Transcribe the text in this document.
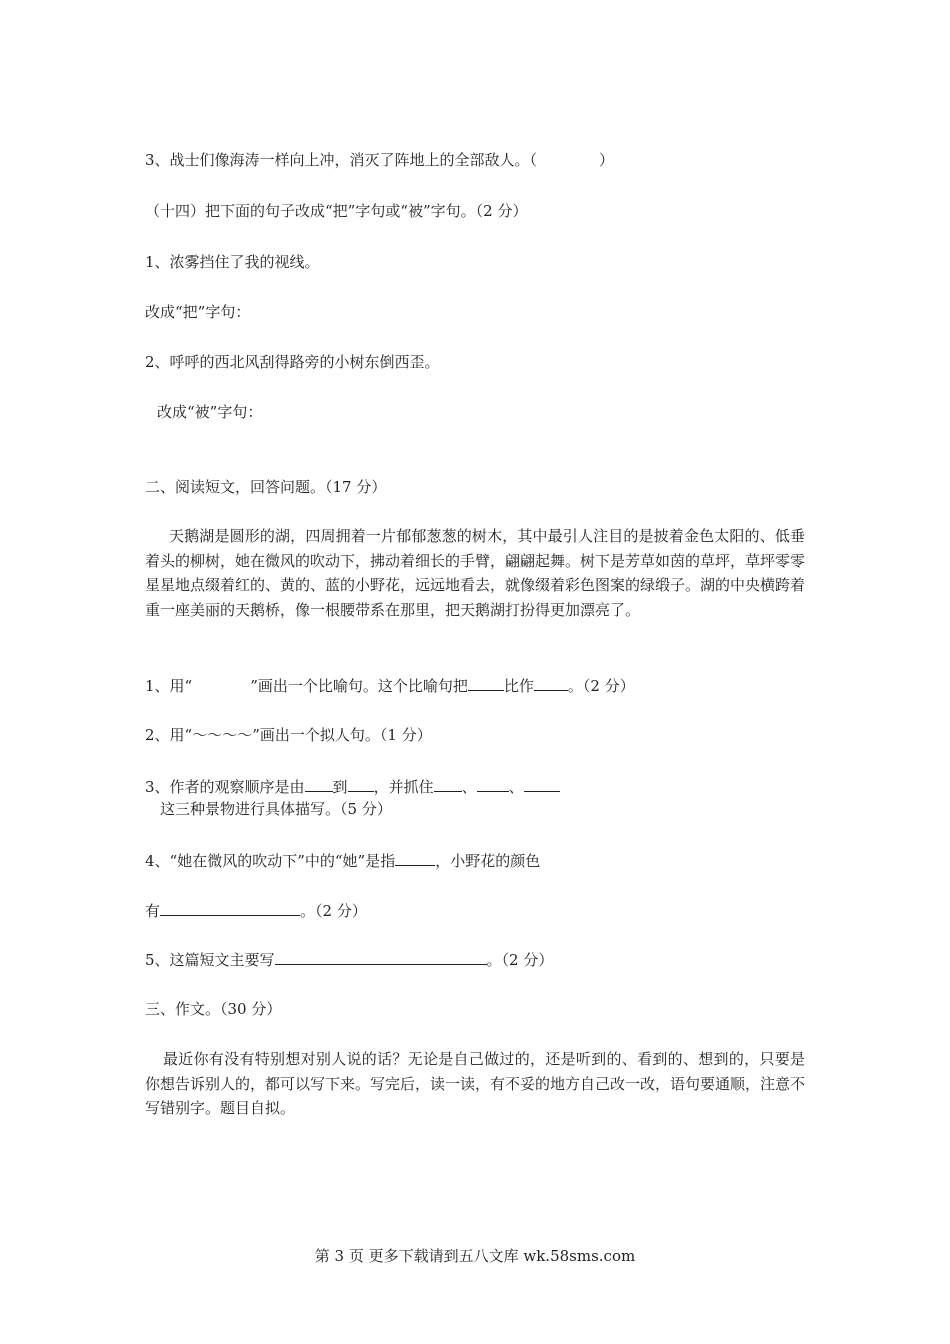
3、战士们像海涛一样向上冲，消灭了阵地上的全部敌人。（	）
（十四）把下面的句子改成“把”字句或“被”字句。（2 分）
1、浓雾挡住了我的视线。
改成“把”字句：
2、呼呼的西北风刮得路旁的小树东倒西歪。
改成“被”字句：
二、阅读短文，回答问题。（17 分）
天鹅湖是圆形的湖，四周拥着一片郁郁葱葱的树木，其中最引人注目的是披着金色太阳的、低垂着头的柳树，她在微风的吹动下，拂动着细长的手臂，翩翩起舞。树下是芳草如茵的草坪，草坪零零星星地点缀着红的、黄的、蓝的小野花，远远地看去，就像缀着彩色图案的绿缎子。湖的中央横跨着重一座美丽的天鹅桥，像一根腰带系在那里，把天鹅湖打扮得更加漂亮了。
1、用“	”画出一个比喻句。这个比喻句把 比作 。（2 分）
2、用“～～～～”画出一个拟人句。（1 分）
3、作者的观察顺序是由 到 ，并抓住 、 、
这三种景物进行具体描写。（5 分）
4、“她在微风的吹动下”中的“她”是指	，小野花的颜色
有	。（2 分）
5、这篇短文主要写	。（2 分）
三、作文。（30 分）
最近你有没有特别想对别人说的话？无论是自己做过的，还是听到的、看到的、想到的，只要是你想告诉别人的，都可以写下来。写完后，读一读，有不妥的地方自己改一改，语句要通顺，注意不写错别字。题目自拟。
第 3 页 更多下载请到五八文库 wk.58sms.com
